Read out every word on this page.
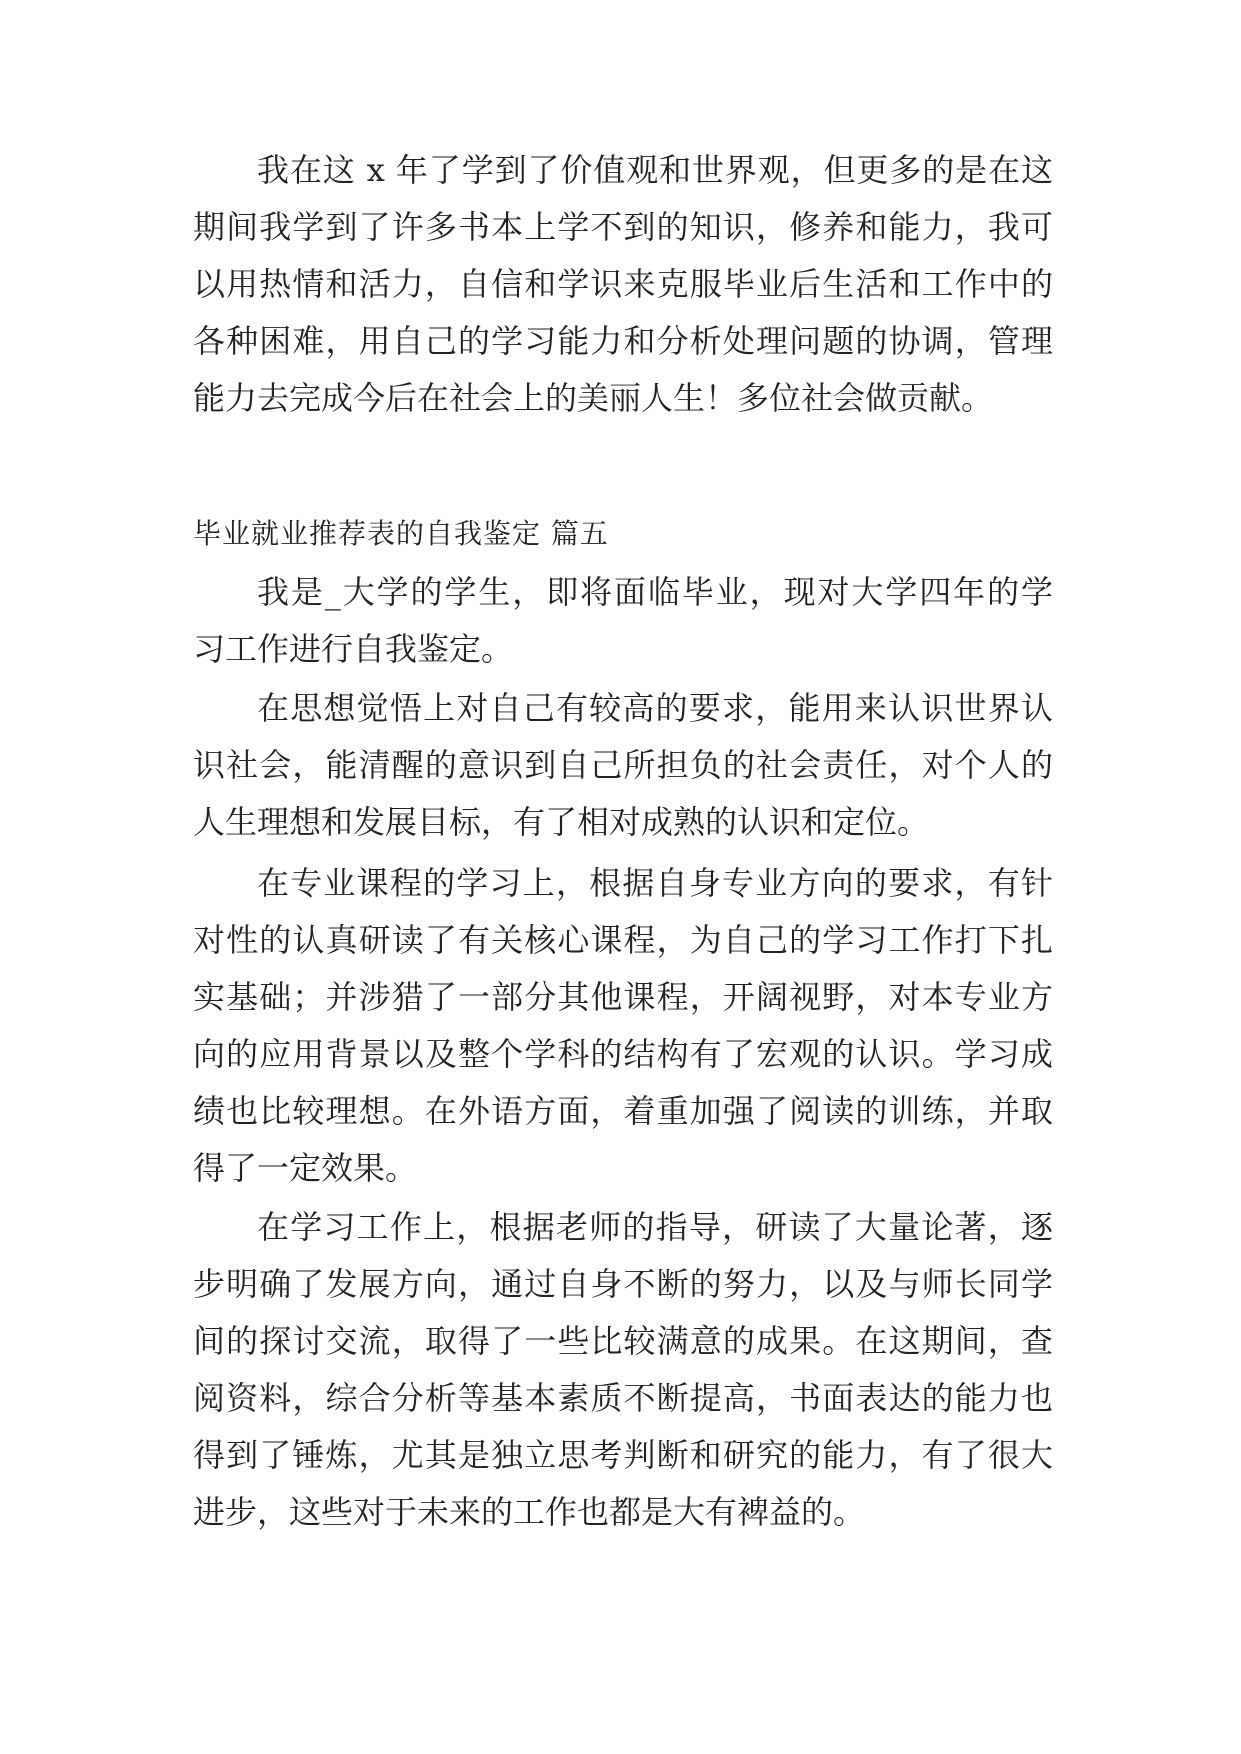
我在这 x 年了学到了价值观和世界观，但更多的是在这
期间我学到了许多书本上学不到的知识，修养和能力，我可
以用热情和活力，自信和学识来克服毕业后生活和工作中的
各种困难，用自己的学习能力和分析处理问题的协调，管理
能力去完成今后在社会上的美丽人生！多位社会做贡献。
毕业就业推荐表的自我鉴定 篇五
我是_大学的学生，即将面临毕业，现对大学四年的学
习工作进行自我鉴定。
在思想觉悟上对自己有较高的要求，能用来认识世界认
识社会，能清醒的意识到自己所担负的社会责任，对个人的
人生理想和发展目标，有了相对成熟的认识和定位。
在专业课程的学习上，根据自身专业方向的要求，有针
对性的认真研读了有关核心课程，为自己的学习工作打下扎
实基础；并涉猎了一部分其他课程，开阔视野，对本专业方
向的应用背景以及整个学科的结构有了宏观的认识。学习成
绩也比较理想。在外语方面，着重加强了阅读的训练，并取
得了一定效果。
在学习工作上，根据老师的指导，研读了大量论著，逐
步明确了发展方向，通过自身不断的努力，以及与师长同学
间的探讨交流，取得了一些比较满意的成果。在这期间，查
阅资料，综合分析等基本素质不断提高，书面表达的能力也
得到了锤炼，尤其是独立思考判断和研究的能力，有了很大
进步，这些对于未来的工作也都是大有裨益的。
